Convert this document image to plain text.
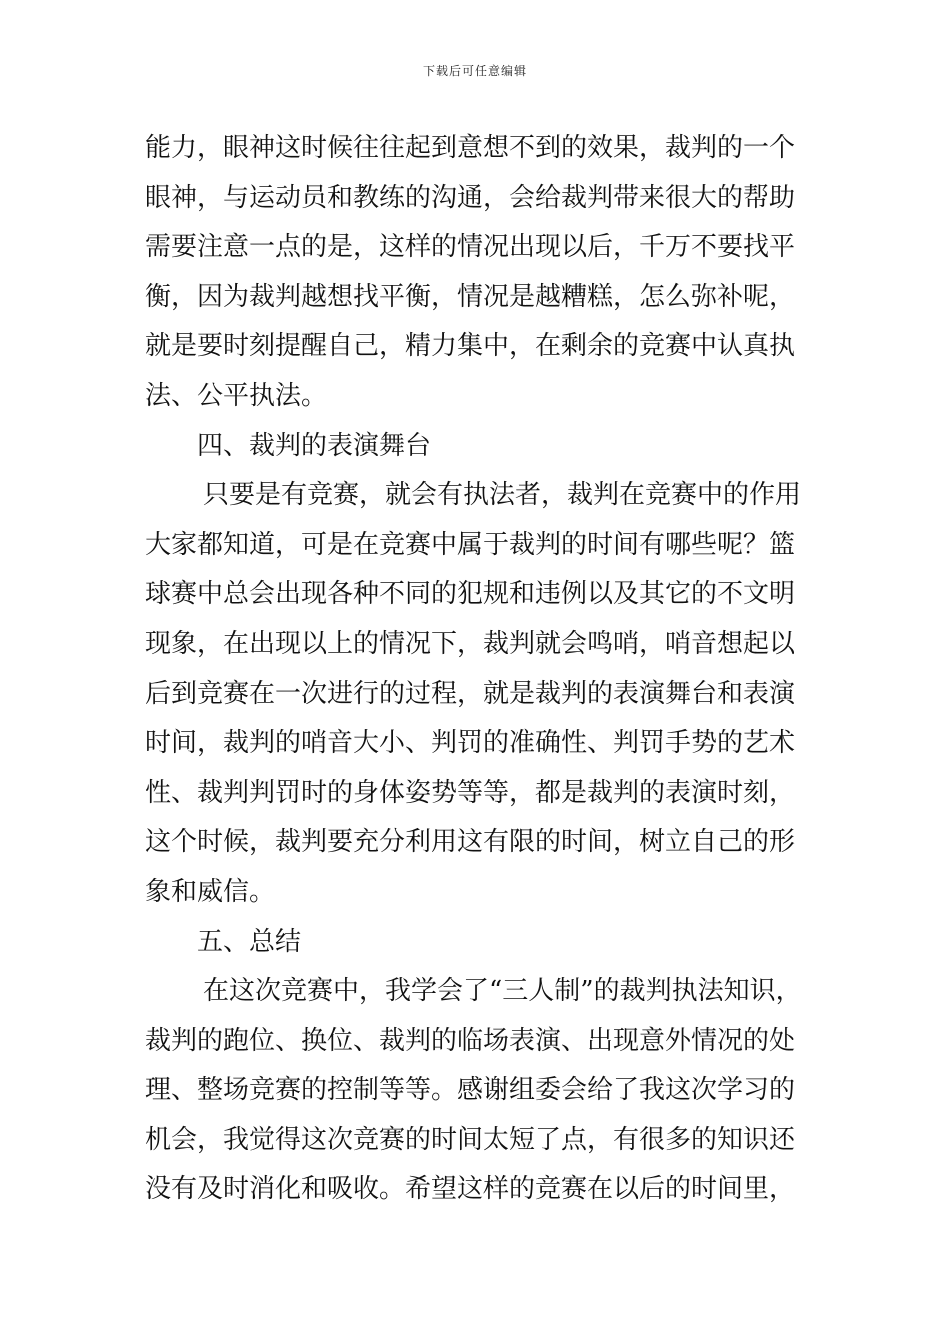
下载后可任意编辑
能力，眼神这时候往往起到意想不到的效果，裁判的一个
眼神，与运动员和教练的沟通，会给裁判带来很大的帮助
需要注意一点的是，这样的情况出现以后，千万不要找平
衡，因为裁判越想找平衡，情况是越糟糕，怎么弥补呢，
就是要时刻提醒自己，精力集中，在剩余的竞赛中认真执
法、公平执法。
四、裁判的表演舞台
只要是有竞赛，就会有执法者，裁判在竞赛中的作用
大家都知道，可是在竞赛中属于裁判的时间有哪些呢？篮
球赛中总会出现各种不同的犯规和违例以及其它的不文明
现象，在出现以上的情况下，裁判就会鸣哨，哨音想起以
后到竞赛在一次进行的过程，就是裁判的表演舞台和表演
时间，裁判的哨音大小、判罚的准确性、判罚手势的艺术
性、裁判判罚时的身体姿势等等，都是裁判的表演时刻，
这个时候，裁判要充分利用这有限的时间，树立自己的形
象和威信。
五、总结
在这次竞赛中，我学会了“三人制”的裁判执法知识，
裁判的跑位、换位、裁判的临场表演、出现意外情况的处
理、整场竞赛的控制等等。感谢组委会给了我这次学习的
机会，我觉得这次竞赛的时间太短了点，有很多的知识还
没有及时消化和吸收。希望这样的竞赛在以后的时间里，
